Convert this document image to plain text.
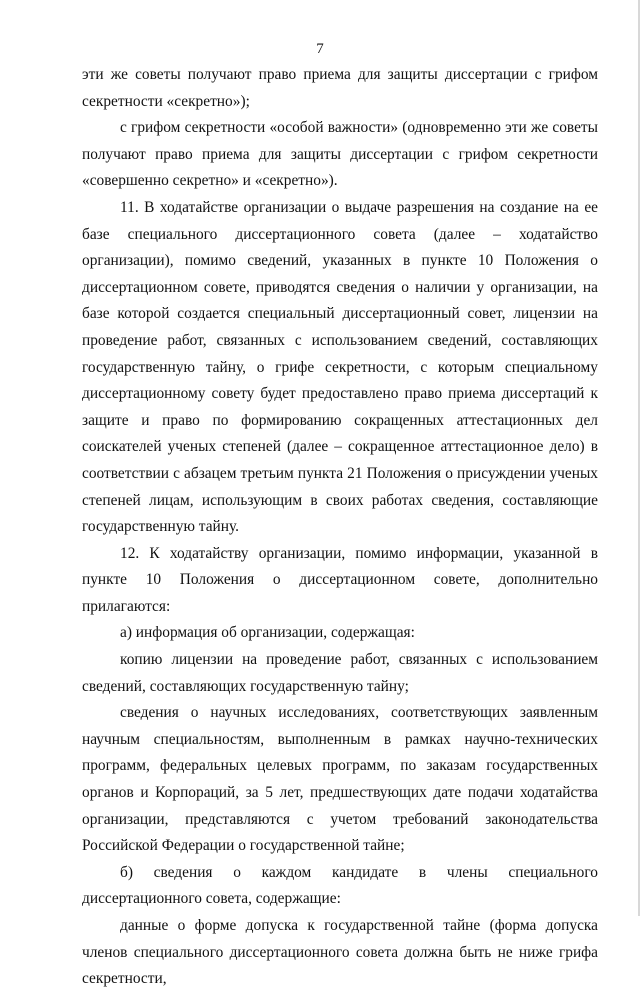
7

эти же советы получают право приема для защиты диссертации с грифом секретности «секретно»);

с грифом секретности «особой важности» (одновременно эти же советы получают право приема для защиты диссертации с грифом секретности «совершенно секретно» и «секретно»).

11. В ходатайстве организации о выдаче разрешения на создание на ее базе специального диссертационного совета (далее – ходатайство организации), помимо сведений, указанных в пункте 10 Положения о диссертационном совете, приводятся сведения о наличии у организации, на базе которой создается специальный диссертационный совет, лицензии на проведение работ, связанных с использованием сведений, составляющих государственную тайну, о грифе секретности, с которым специальному диссертационному совету будет предоставлено право приема диссертаций к защите и право по формированию сокращенных аттестационных дел соискателей ученых степеней (далее – сокращенное аттестационное дело) в соответствии с абзацем третьим пункта 21 Положения о присуждении ученых степеней лицам, использующим в своих работах сведения, составляющие государственную тайну.

12. К ходатайству организации, помимо информации, указанной в пункте 10 Положения о диссертационном совете, дополнительно прилагаются:

а) информация об организации, содержащая:

копию лицензии на проведение работ, связанных с использованием сведений, составляющих государственную тайну;

сведения о научных исследованиях, соответствующих заявленным научным специальностям, выполненным в рамках научно-технических программ, федеральных целевых программ, по заказам государственных органов и Корпораций, за 5 лет, предшествующих дате подачи ходатайства организации, представляются с учетом требований законодательства Российской Федерации о государственной тайне;

б) сведения о каждом кандидате в члены специального диссертационного совета, содержащие:

данные о форме допуска к государственной тайне (форма допуска членов специального диссертационного совета должна быть не ниже грифа секретности,
